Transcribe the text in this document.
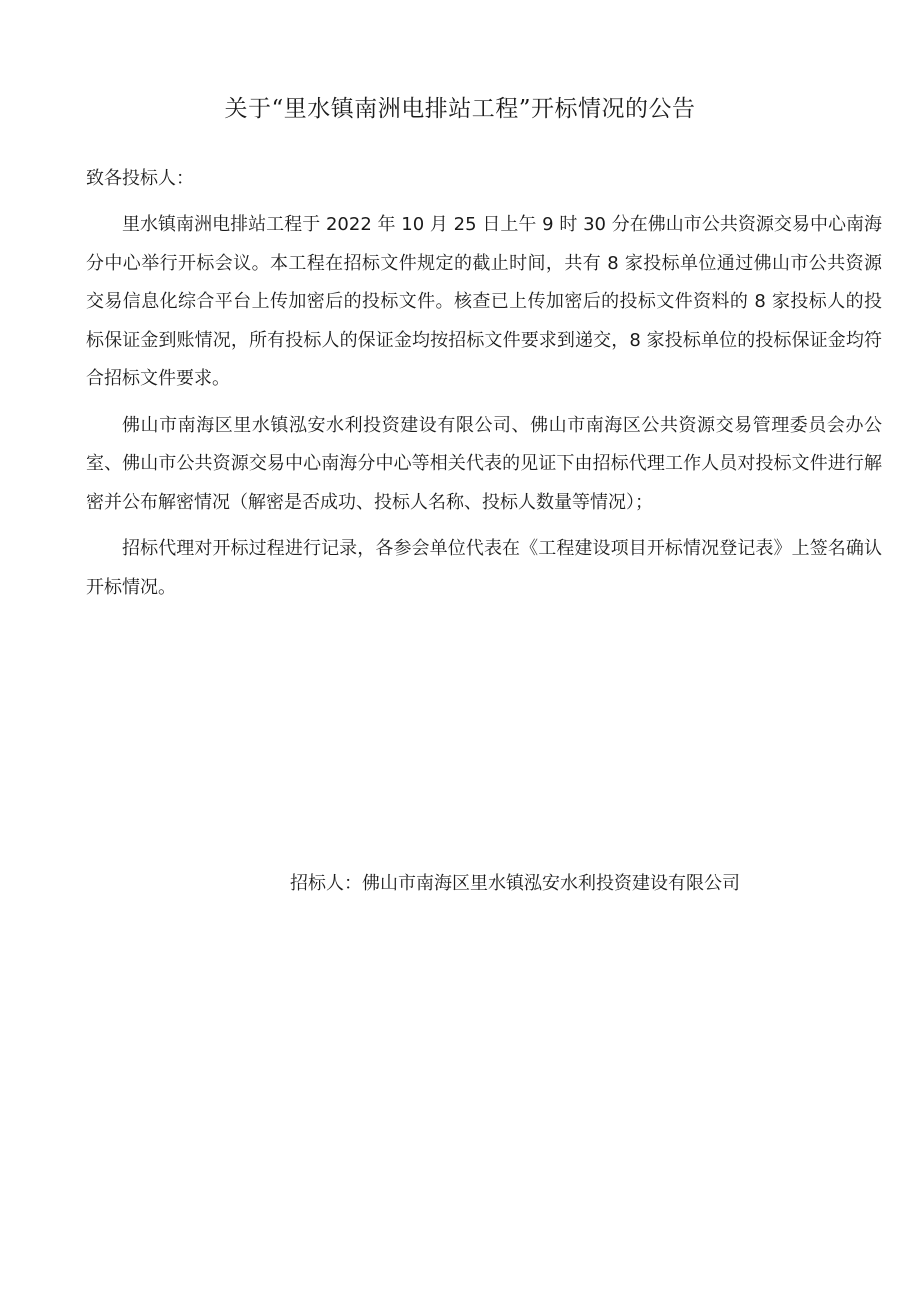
关于“里水镇南洲电排站工程”开标情况的公告

致各投标人：

里水镇南洲电排站工程于 2022 年 10 月 25 日上午 9 时 30 分在佛山市公共资源交易中心南海分中心举行开标会议。本工程在招标文件规定的截止时间，共有 8 家投标单位通过佛山市公共资源交易信息化综合平台上传加密后的投标文件。核查已上传加密后的投标文件资料的 8 家投标人的投标保证金到账情况，所有投标人的保证金均按招标文件要求到递交，8 家投标单位的投标保证金均符合招标文件要求。

佛山市南海区里水镇泓安水利投资建设有限公司、佛山市南海区公共资源交易管理委员会办公室、佛山市公共资源交易中心南海分中心等相关代表的见证下由招标代理工作人员对投标文件进行解密并公布解密情况（解密是否成功、投标人名称、投标人数量等情况）；

招标代理对开标过程进行记录，各参会单位代表在《工程建设项目开标情况登记表》上签名确认开标情况。

招标人：佛山市南海区里水镇泓安水利投资建设有限公司
